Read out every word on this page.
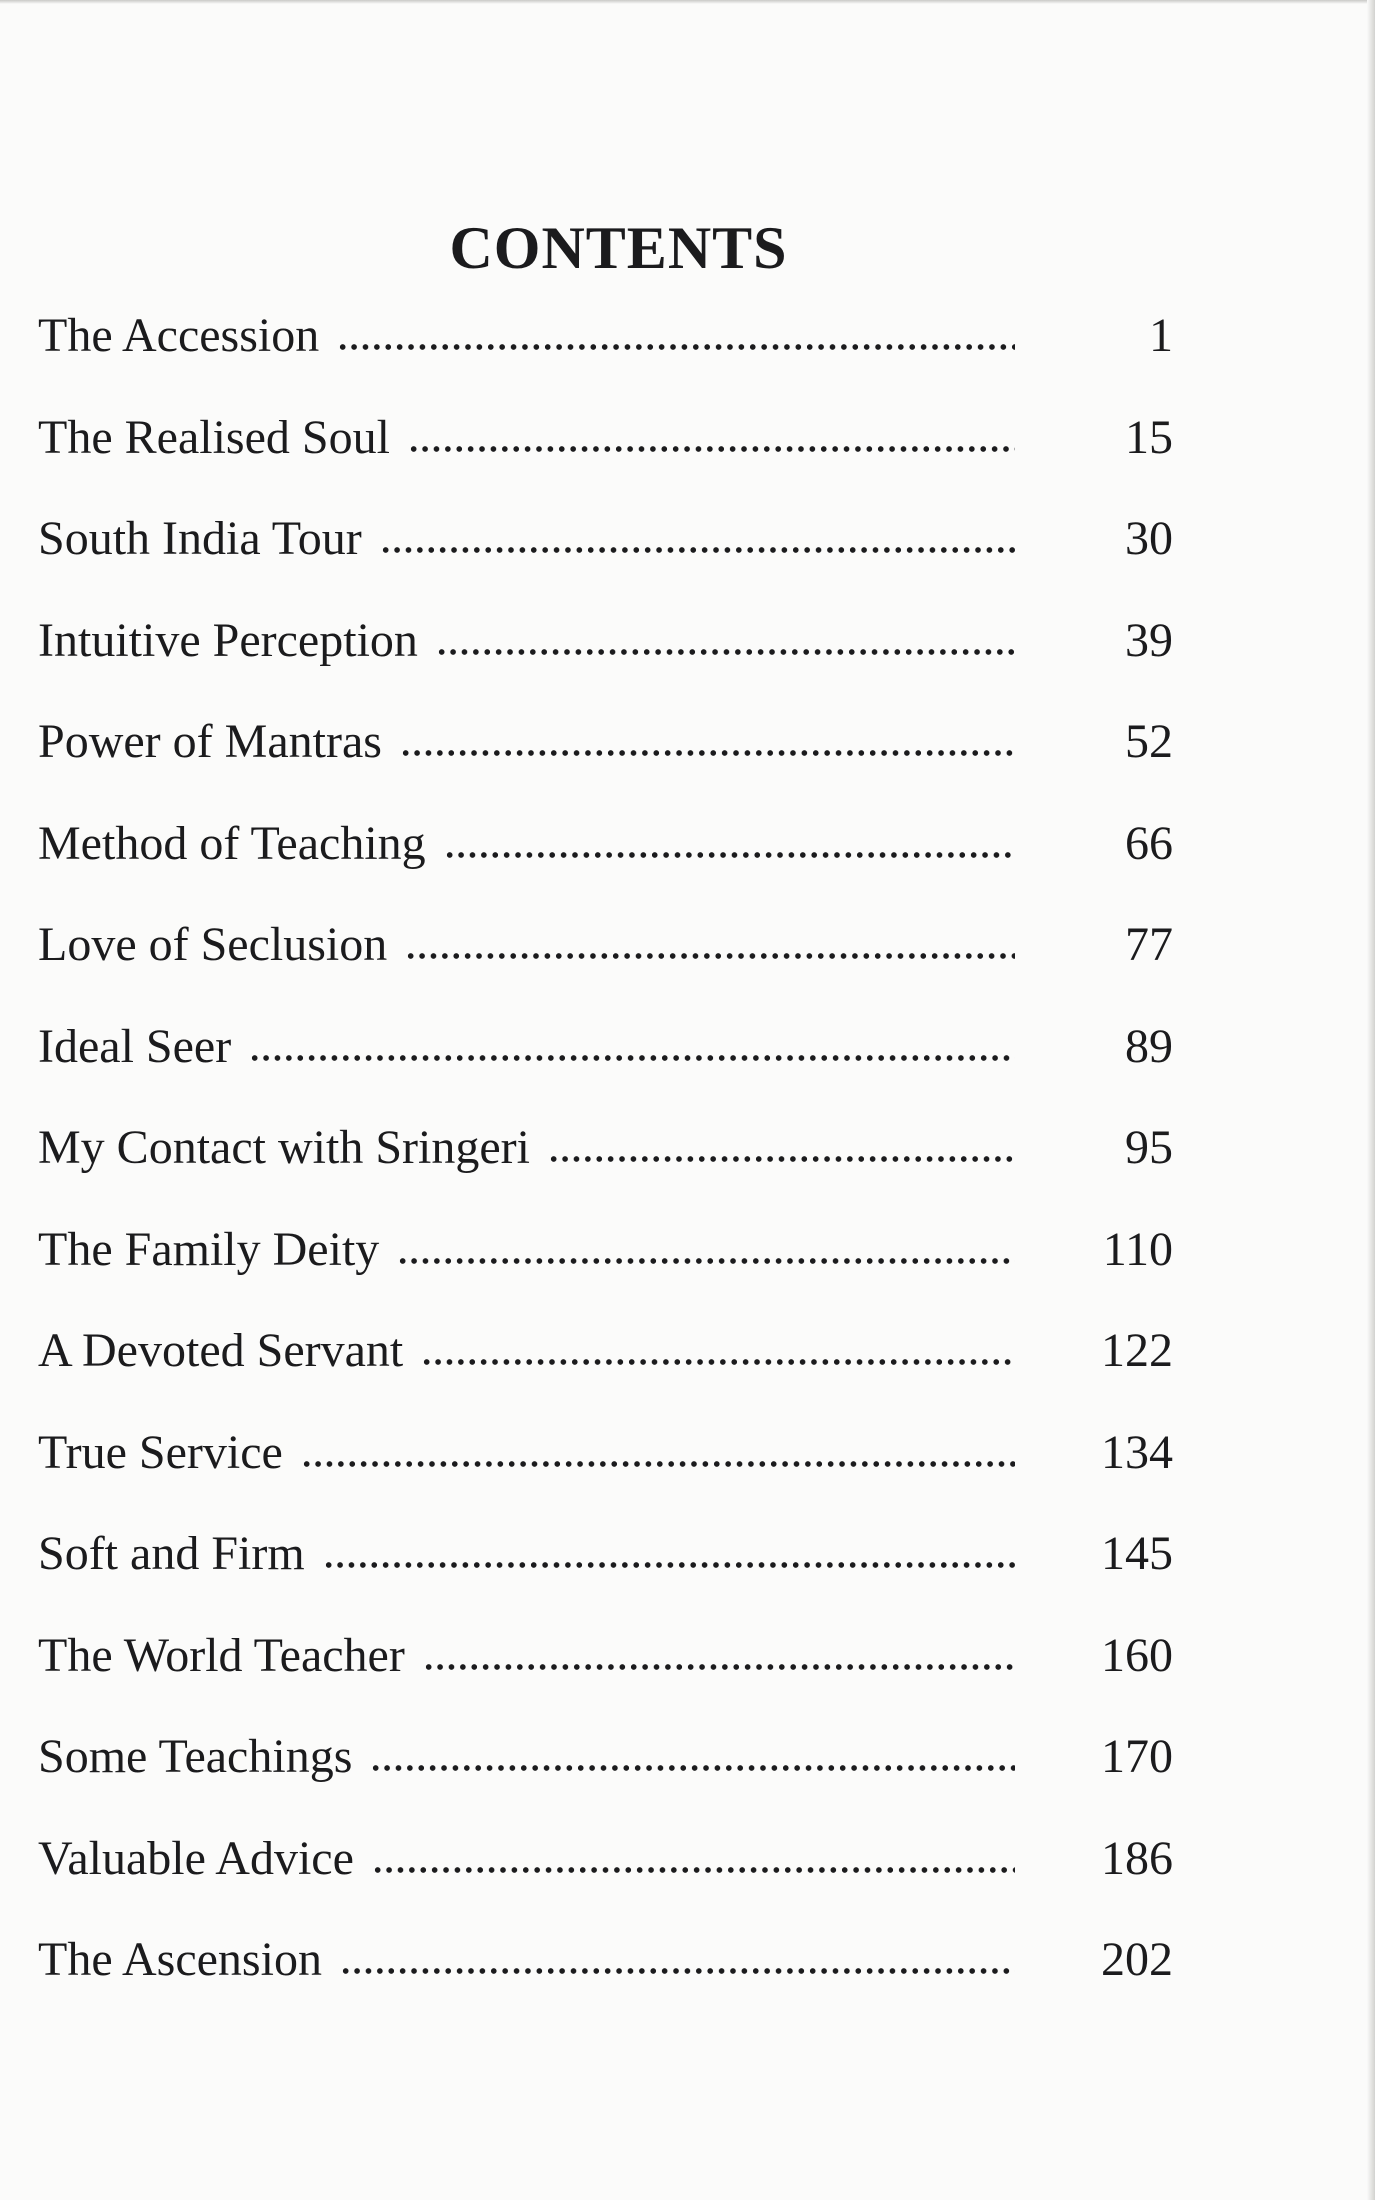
CONTENTS
The Accession	1
The Realised Soul	15
South India Tour	30
Intuitive Perception	39
Power of Mantras	52
Method of Teaching	66
Love of Seclusion	77
Ideal Seer	89
My Contact with Sringeri	95
The Family Deity	110
A Devoted Servant	122
True Service	134
Soft and Firm	145
The World Teacher	160
Some Teachings	170
Valuable Advice	186
The Ascension	202
